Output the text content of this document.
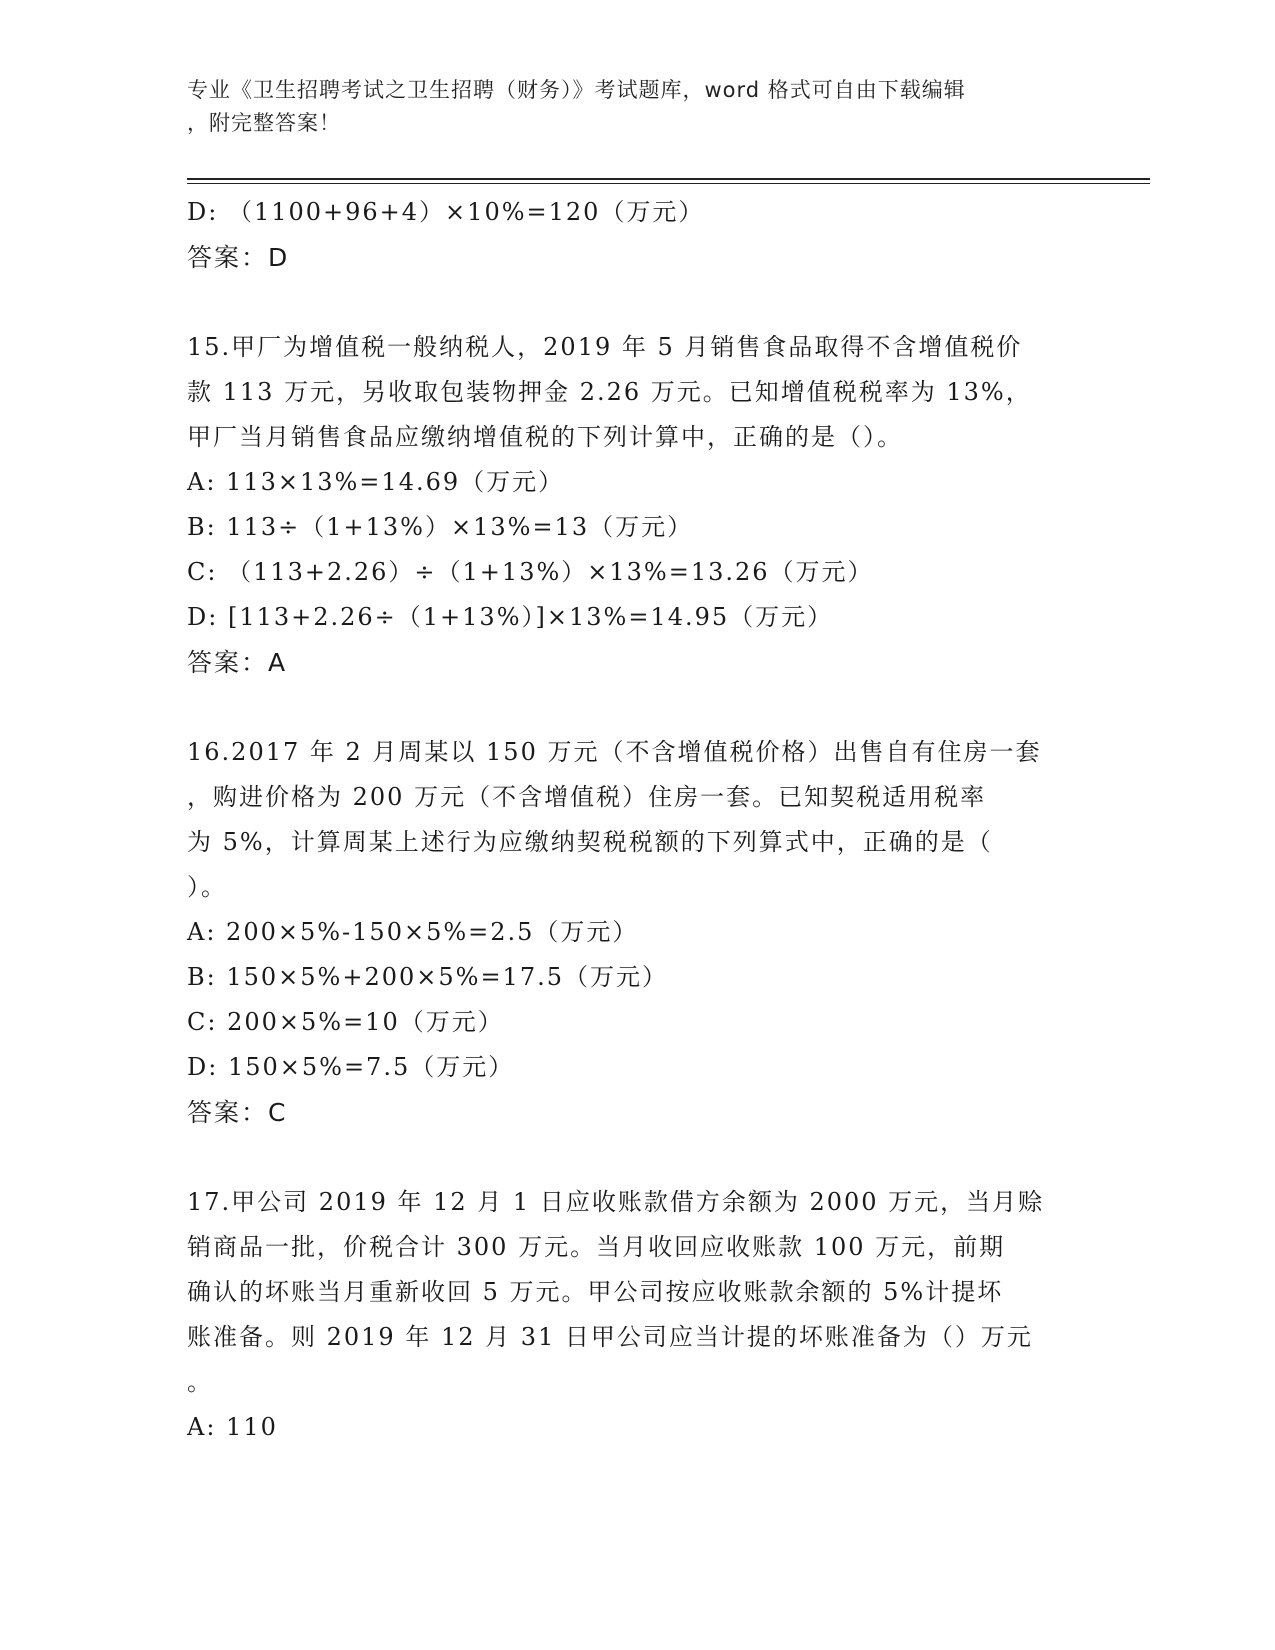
专业《卫生招聘考试之卫生招聘（财务）》考试题库，word 格式可自由下载编辑
，附完整答案！
D: （1100+96+4）×10%=120（万元）
答案：D
15.甲厂为增值税一般纳税人，2019 年 5 月销售食品取得不含增值税价
款 113 万元，另收取包装物押金 2.26 万元。已知增值税税率为 13%，
甲厂当月销售食品应缴纳增值税的下列计算中，正确的是（）。
A: 113×13%=14.69（万元）
B: 113÷（1+13%）×13%=13（万元）
C: （113+2.26）÷（1+13%）×13%=13.26（万元）
D: [113+2.26÷（1+13%）]×13%=14.95（万元）
答案：A
16.2017 年 2 月周某以 150 万元（不含增值税价格）出售自有住房一套
，购进价格为 200 万元（不含增值税）住房一套。已知契税适用税率
为 5%，计算周某上述行为应缴纳契税税额的下列算式中，正确的是（
）。
A: 200×5%-150×5%=2.5（万元）
B: 150×5%+200×5%=17.5（万元）
C: 200×5%=10（万元）
D: 150×5%=7.5（万元）
答案：C
17.甲公司 2019 年 12 月 1 日应收账款借方余额为 2000 万元，当月赊
销商品一批，价税合计 300 万元。当月收回应收账款 100 万元，前期
确认的坏账当月重新收回 5 万元。甲公司按应收账款余额的 5%计提坏
账准备。则 2019 年 12 月 31 日甲公司应当计提的坏账准备为（）万元
。
A: 110
